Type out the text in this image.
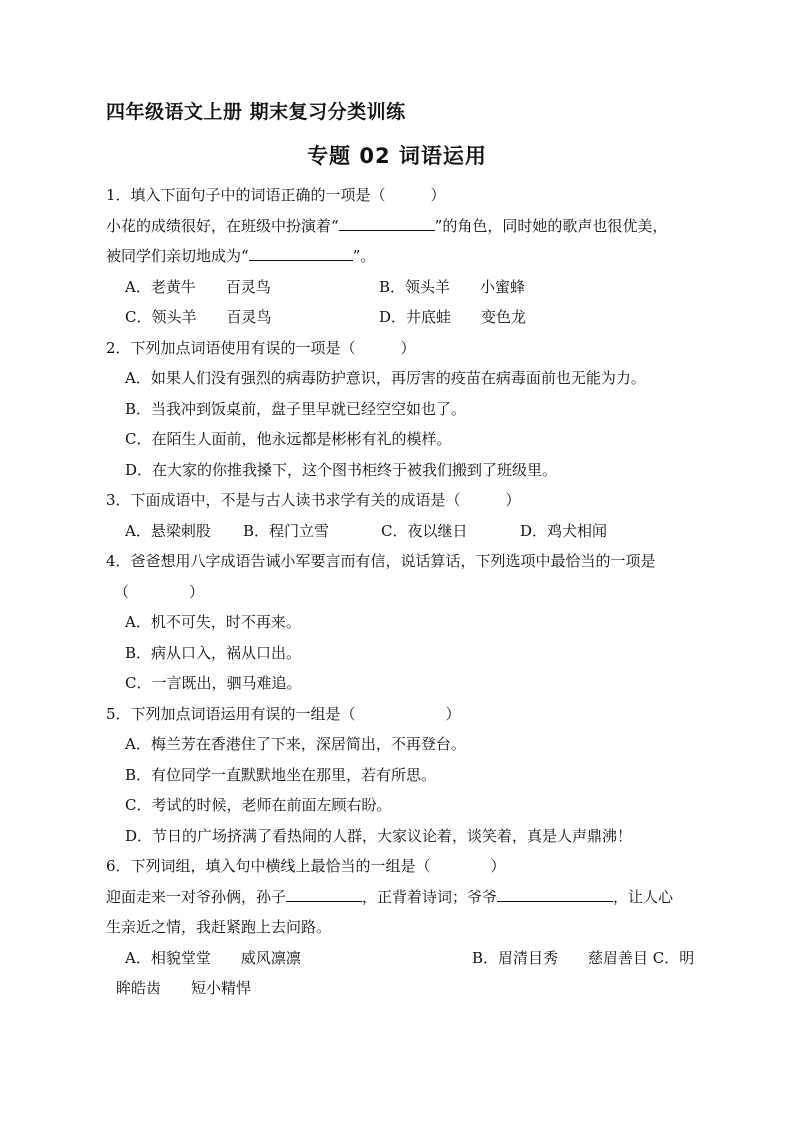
四年级语文上册 期末复习分类训练
专题 02 词语运用
1．填入下面句子中的词语正确的一项是（　　　）
小花的成绩很好，在班级中扮演着“	”的角色，同时她的歌声也很优美，
被同学们亲切地成为“	”。
A．老黄牛　　百灵鸟	B．领头羊　　小蜜蜂
C．领头羊　　百灵鸟	D．井底蛙　　变色龙
2．下列加点词语使用有误的一项是（　　　）
A．如果人们没有强烈的病毒防护意识，再厉害的疫苗在病毒面前也无能为力。
B．当我冲到饭桌前，盘子里早就已经空空如也了。
C．在陌生人面前，他永远都是彬彬有礼的模样。
D．在大家的你推我搡下，这个图书柜终于被我们搬到了班级里。
3．下面成语中，不是与古人读书求学有关的成语是（　　　）
A．悬梁刺股 B．程门立雪	C．夜以继日	D．鸡犬相闻
4．爸爸想用八字成语告诫小军要言而有信，说话算话，下列选项中最恰当的一项是
（　　　　）
A．机不可失，时不再来。
B．病从口入，祸从口出。
C．一言既出，驷马难追。
5．下列加点词语运用有误的一组是（　　　　　　）
A．梅兰芳在香港住了下来，深居简出，不再登台。
B．有位同学一直默默地坐在那里，若有所思。
C．考试的时候，老师在前面左顾右盼。
D．节日的广场挤满了看热闹的人群，大家议论着，谈笑着，真是人声鼎沸！
6．下列词组，填入句中横线上最恰当的一组是（　　　　）
迎面走来一对爷孙俩，孙子	，正背着诗词；爷爷	，让人心
生亲近之情，我赶紧跑上去问路。
A．相貌堂堂　　威风凛凛	B．眉清目秀　　慈眉善目 C．明
眸皓齿　　短小精悍
